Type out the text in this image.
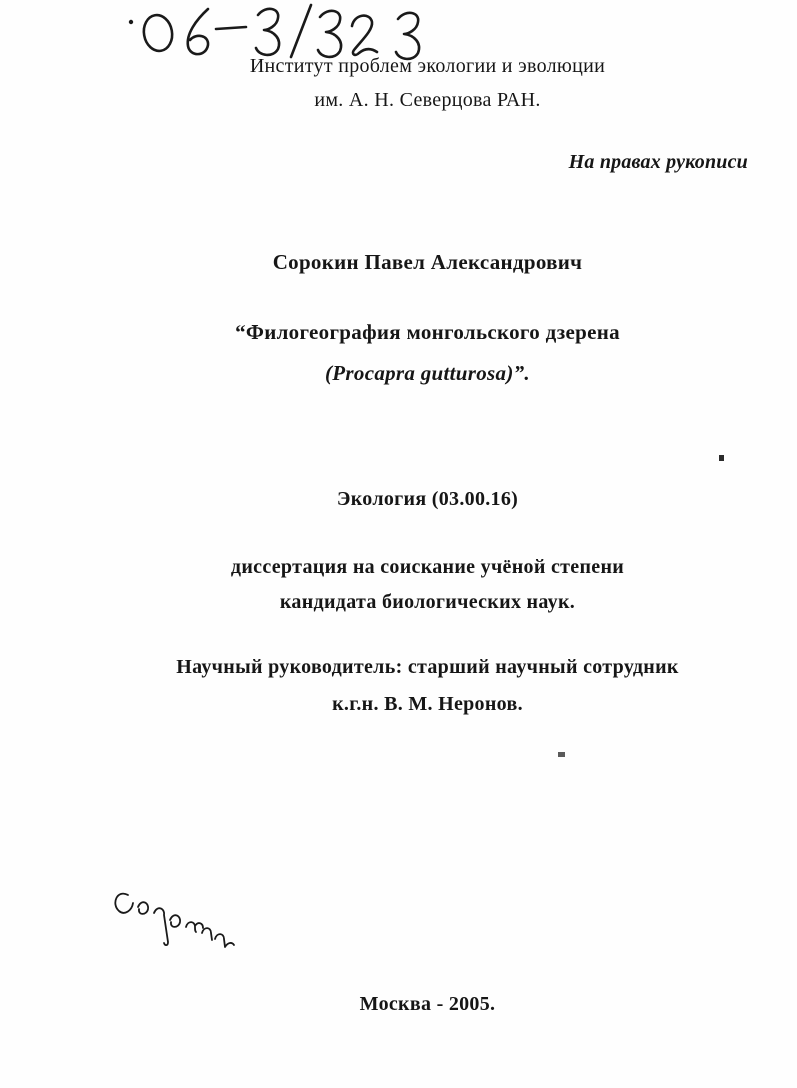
Институт проблем экологии и эволюции
им. А. Н. Северцова РАН.
На правах рукописи
Сорокин Павел Александрович
“Филогеография монгольского дзерена
(Procapra gutturosa)”.
Экология (03.00.16)
диссертация на соискание учёной степени
кандидата биологических наук.
Научный руководитель: старший научный сотрудник
к.г.н. В. М. Неронов.
Москва - 2005.
